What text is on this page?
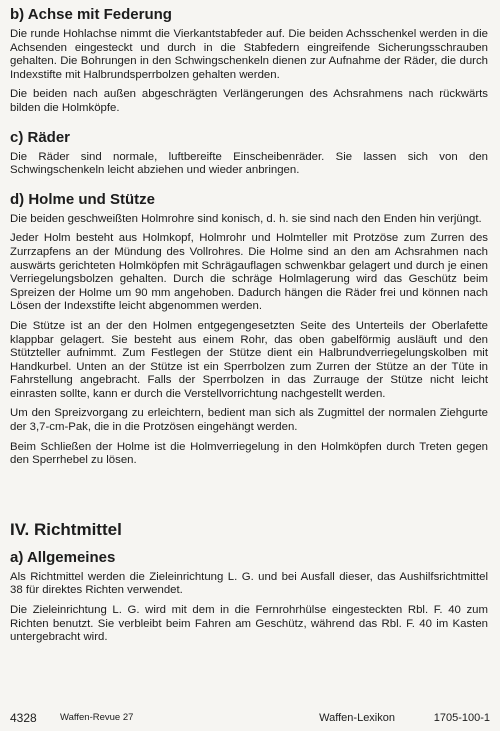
b) Achse mit Federung

Die runde Hohlachse nimmt die Vierkantstabfeder auf. Die beiden Achsschenkel werden in die Achsenden eingesteckt und durch in die Stabfedern eingreifende Sicherungsschrauben gehalten. Die Bohrungen in den Schwingschenkeln dienen zur Aufnahme der Räder, die durch Indexstifte mit Halbrundsperrbolzen gehalten werden.

Die beiden nach außen abgeschrägten Verlängerungen des Achsrahmens nach rückwärts bilden die Holmköpfe.

c) Räder

Die Räder sind normale, luftbereifte Einscheibenräder. Sie lassen sich von den Schwingschenkeln leicht abziehen und wieder anbringen.

d) Holme und Stütze

Die beiden geschweißten Holmrohre sind konisch, d. h. sie sind nach den Enden hin verjüngt.

Jeder Holm besteht aus Holmkopf, Holmrohr und Holmteller mit Protzöse zum Zurren des Zurrzapfens an der Mündung des Vollrohres. Die Holme sind an den am Achsrahmen nach auswärts gerichteten Holmköpfen mit Schrägauflagen schwenkbar gelagert und durch je einen Verriegelungsbolzen gehalten. Durch die schräge Holmlagerung wird das Geschütz beim Spreizen der Holme um 90 mm angehoben. Dadurch hängen die Räder frei und können nach Lösen der Indexstifte leicht abgenommen werden.

Die Stütze ist an der den Holmen entgegengesetzten Seite des Unterteils der Oberlafette klappbar gelagert. Sie besteht aus einem Rohr, das oben gabelförmig ausläuft und den Stützteller aufnimmt. Zum Festlegen der Stütze dient ein Halbrundverriegelungskolben mit Handkurbel. Unten an der Stütze ist ein Sperrbolzen zum Zurren der Stütze an der Tüte in Fahrstellung angebracht. Falls der Sperrbolzen in das Zurrauge der Stütze nicht leicht einrasten sollte, kann er durch die Verstellvorrichtung nachgestellt werden.

Um den Spreizvorgang zu erleichtern, bedient man sich als Zugmittel der normalen Ziehgurte der 3,7-cm-Pak, die in die Protzösen eingehängt werden.

Beim Schließen der Holme ist die Holmverriegelung in den Holmköpfen durch Treten gegen den Sperrhebel zu lösen.

IV. Richtmittel
a) Allgemeines

Als Richtmittel werden die Zieleinrichtung L. G. und bei Ausfall dieser, das Aushilfsrichtmittel 38 für direktes Richten verwendet.

Die Zieleinrichtung L. G. wird mit dem in die Fernrohrhülse eingesteckten Rbl. F. 40 zum Richten benutzt. Sie verbleibt beim Fahren am Geschütz, während das Rbl. F. 40 im Kasten untergebracht wird.

4328 Waffen-Revue 27	Waffen-Lexikon	1705-100-1
